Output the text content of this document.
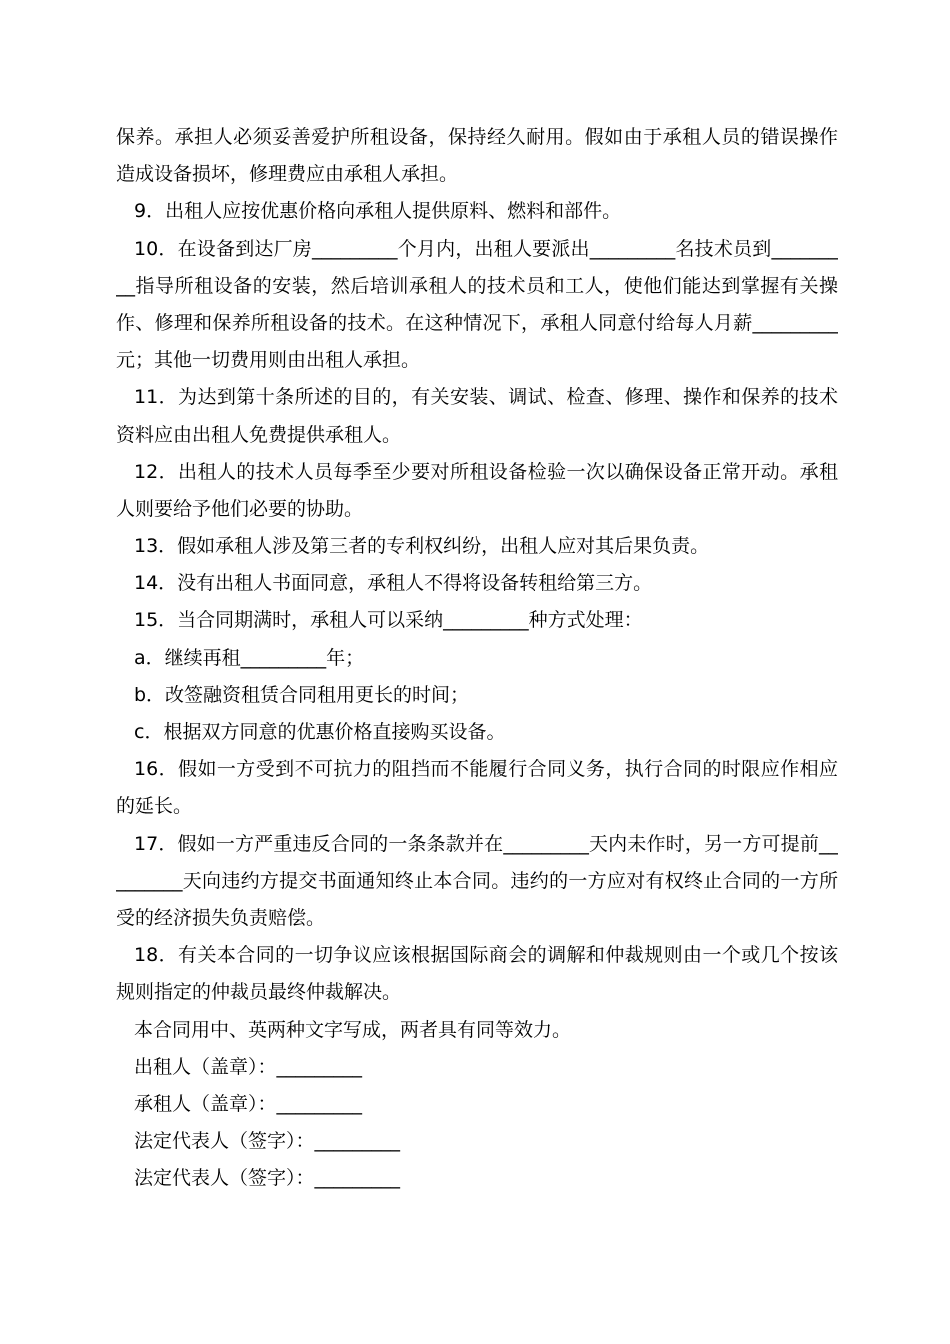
保养。承担人必须妥善爱护所租设备，保持经久耐用。假如由于承租人员的错误操作
造成设备损坏，修理费应由承租人承担。
9．出租人应按优惠价格向承租人提供原料、燃料和部件。
10．在设备到达厂房_________个月内，出租人要派出_________名技术员到_______
__指导所租设备的安装，然后培训承租人的技术员和工人，使他们能达到掌握有关操
作、修理和保养所租设备的技术。在这种情况下，承租人同意付给每人月薪_________
元；其他一切费用则由出租人承担。
11．为达到第十条所述的目的，有关安装、调试、检查、修理、操作和保养的技术
资料应由出租人免费提供承租人。
12．出租人的技术人员每季至少要对所租设备检验一次以确保设备正常开动。承租
人则要给予他们必要的协助。
13．假如承租人涉及第三者的专利权纠纷，出租人应对其后果负责。
14．没有出租人书面同意，承租人不得将设备转租给第三方。
15．当合同期满时，承租人可以采纳_________种方式处理：
a．继续再租_________年；
b．改签融资租赁合同租用更长的时间；
c．根据双方同意的优惠价格直接购买设备。
16．假如一方受到不可抗力的阻挡而不能履行合同义务，执行合同的时限应作相应
的延长。
17．假如一方严重违反合同的一条条款并在_________天内未作时，另一方可提前__
_______天向违约方提交书面通知终止本合同。违约的一方应对有权终止合同的一方所
受的经济损失负责赔偿。
18．有关本合同的一切争议应该根据国际商会的调解和仲裁规则由一个或几个按该
规则指定的仲裁员最终仲裁解决。
本合同用中、英两种文字写成，两者具有同等效力。
出租人（盖章）：_________
承租人（盖章）：_________
法定代表人（签字）：_________
法定代表人（签字）：_________
